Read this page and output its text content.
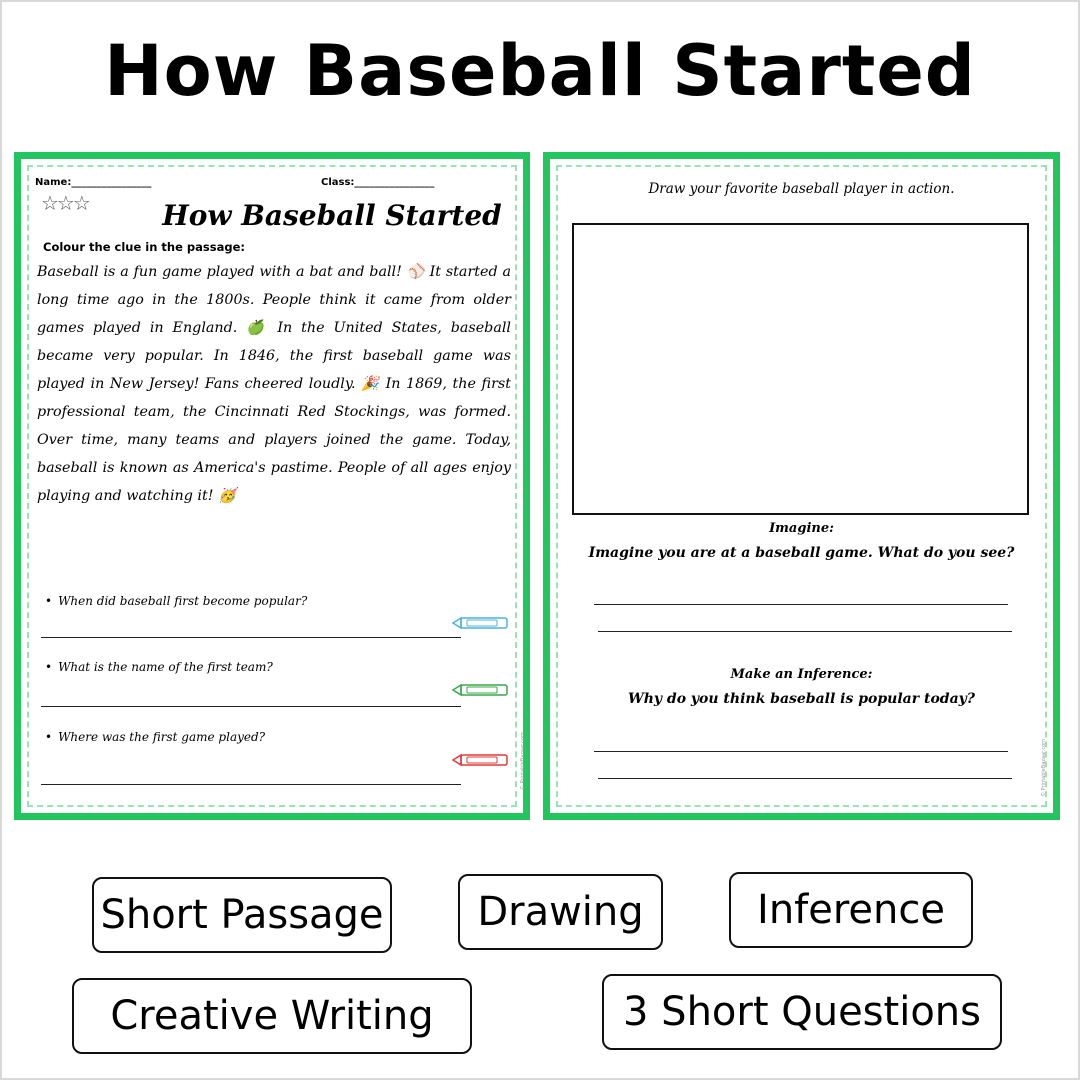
How Baseball Started
Name:________________	Class:________________
☆☆☆	How Baseball Started
Colour the clue in the passage:
Baseball is a fun game played with a bat and ball! ⚾ It started a long time ago in the 1800s. People think it came from older games played in England. 🍏 In the United States, baseball became very popular. In 1846, the first baseball game was played in New Jersey! Fans cheered loudly. 🎉 In 1869, the first professional team, the Cincinnati Red Stockings, was formed. Over time, many teams and players joined the game. Today, baseball is known as America's pastime. People of all ages enjoy playing and watching it! 🥳
• When did baseball first become popular?
• What is the name of the first team?
• Where was the first game played?
Draw your favorite baseball player in action.
Imagine:
Imagine you are at a baseball game. What do you see?
Make an Inference:
Why do you think baseball is popular today?
© PrintableBazaar.com
© PrintableBazaar.com
Short Passage	Drawing	Inference
Creative Writing	3 Short Questions
